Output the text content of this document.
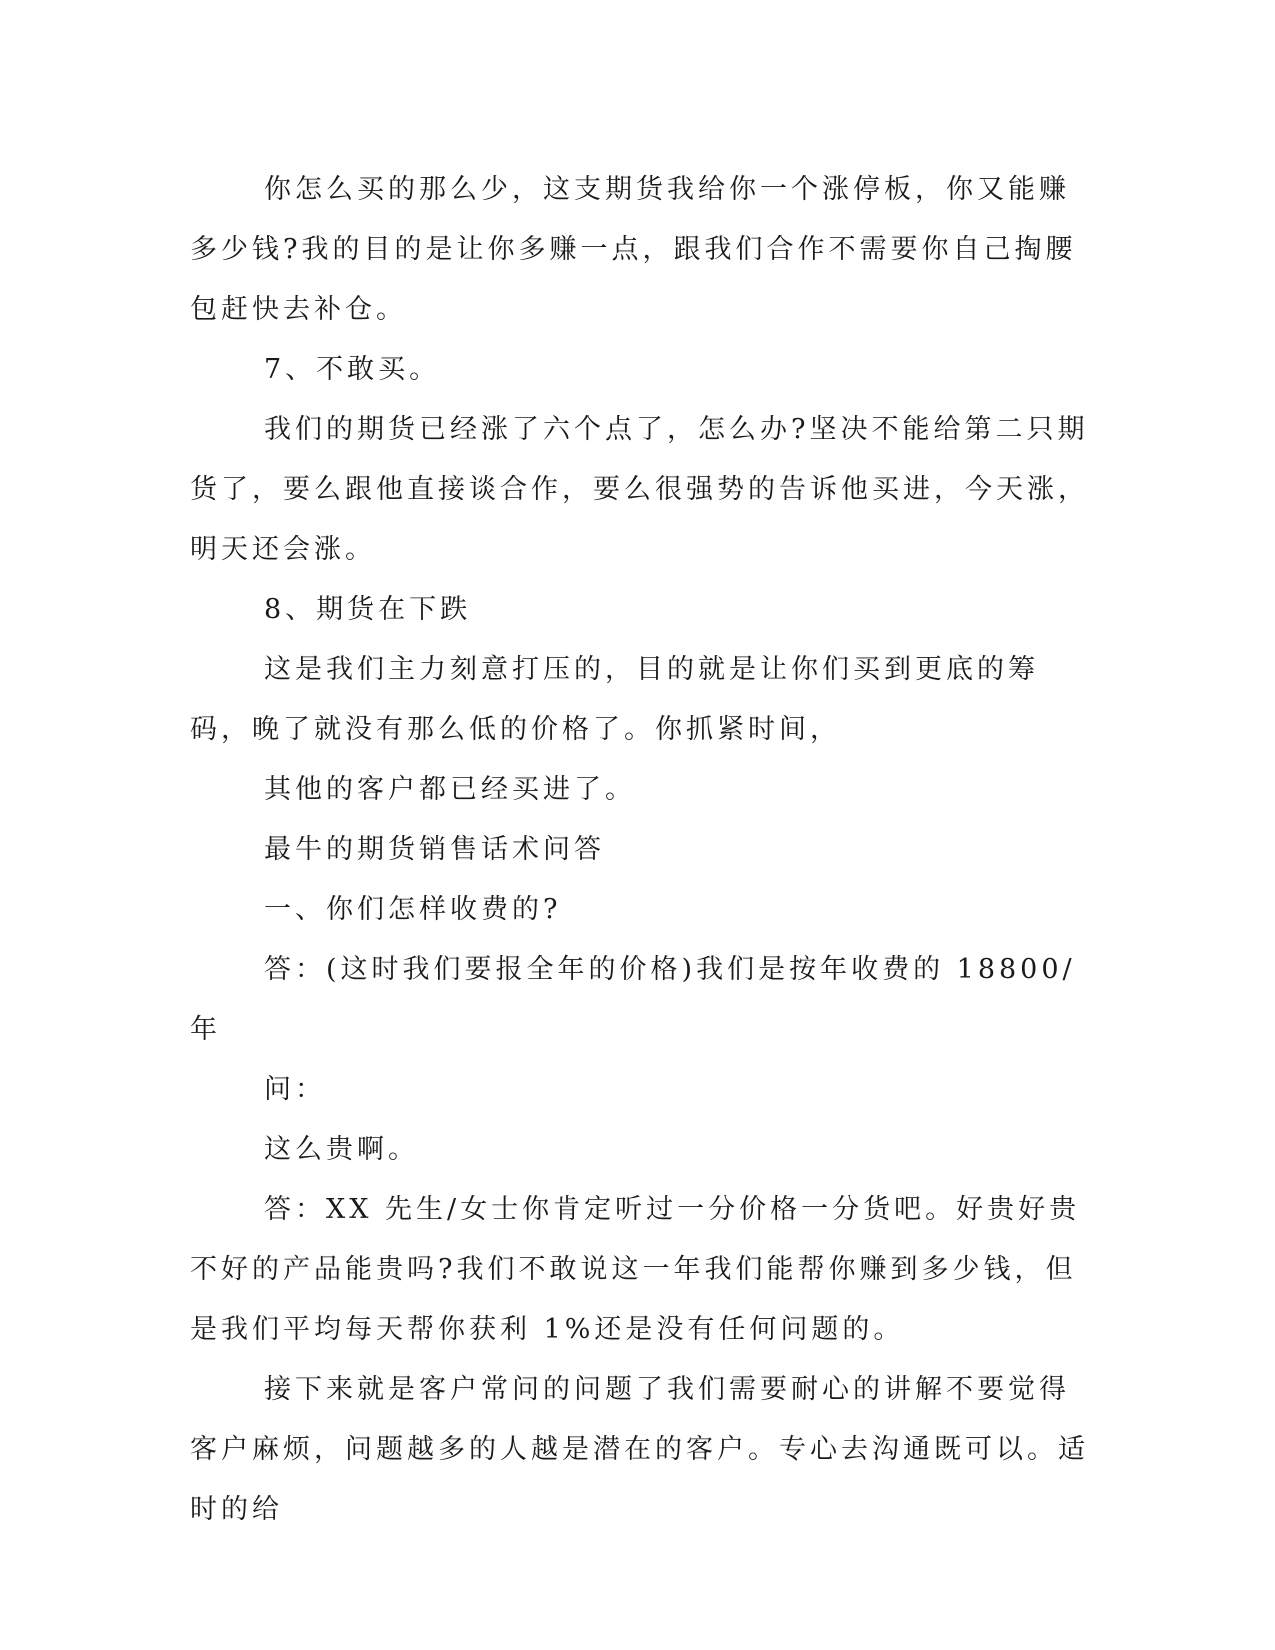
你怎么买的那么少，这支期货我给你一个涨停板，你又能赚多少钱?我的目的是让你多赚一点，跟我们合作不需要你自己掏腰包赶快去补仓。

7、不敢买。

我们的期货已经涨了六个点了，怎么办?坚决不能给第二只期货了，要么跟他直接谈合作，要么很强势的告诉他买进，今天涨，明天还会涨。

8、期货在下跌

这是我们主力刻意打压的，目的就是让你们买到更底的筹码，晚了就没有那么低的价格了。你抓紧时间，

其他的客户都已经买进了。

最牛的期货销售话术问答

一、你们怎样收费的?

答：(这时我们要报全年的价格)我们是按年收费的 18800/年

问：

这么贵啊。

答：XX 先生/女士你肯定听过一分价格一分货吧。好贵好贵不好的产品能贵吗?我们不敢说这一年我们能帮你赚到多少钱，但是我们平均每天帮你获利 1%还是没有任何问题的。

接下来就是客户常问的问题了我们需要耐心的讲解不要觉得客户麻烦，问题越多的人越是潜在的客户。专心去沟通既可以。适时的给
